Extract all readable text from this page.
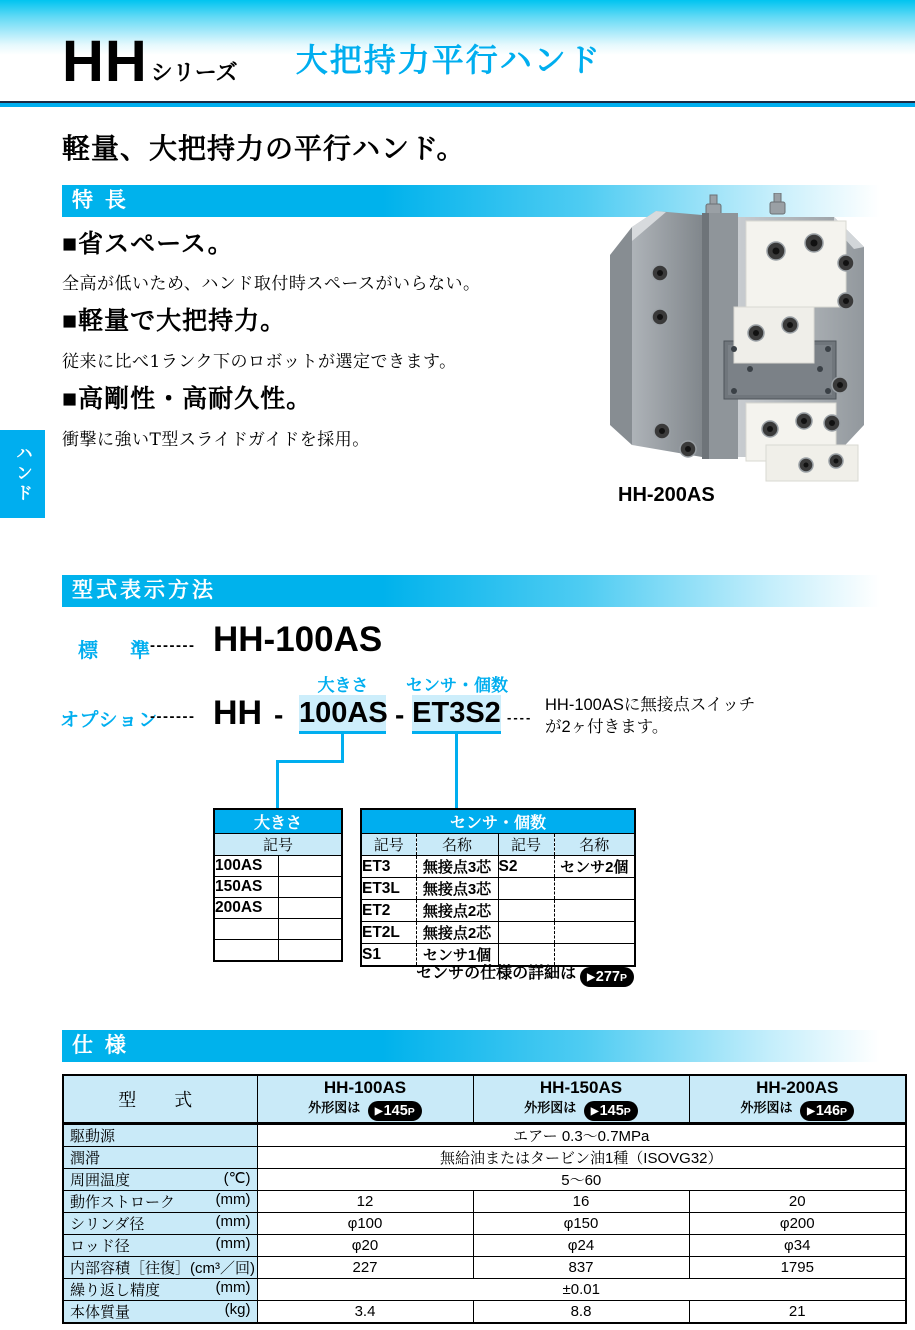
HH シリーズ 大把持力平行ハンド
軽量、大把持力の平行ハンド。
特 長
■省スペース。
全高が低いため、ハンド取付時スペースがいらない。
■軽量で大把持力。
従来に比べ1ランク下のロボットが選定できます。
■高剛性・高耐久性。
衝撃に強いT型スライドガイドを採用。
ハンド	HH-200AS
型式表示方法
標　準
------- HH-100AS
大きさ センサ・個数
オプション
------- HH - 100AS - ET3S2 ----
HH-100ASに無接点スイッチ
が2ヶ付きます。
大きさ	
記号	
100AS	
150AS	
200AS	

センサ・個数			
記号	名称	記号	名称
ET3	無接点3芯	S2	センサ2個
ET3L	無接点3芯		
ET2	無接点2芯		
ET2L	無接点2芯		
S1	センサ1個		
センサの仕様の詳細は ▶277P
仕 様
型　式	
HH-100AS
外形図は ▶145P

HH-150AS
外形図は ▶145P

HH-200AS
外形図は ▶146P

駆動源	エアー 0.3〜0.7MPa		

潤滑	無給油またはタービン油1種（ISOVG32）		

周囲温度 (℃)	5〜60		

動作ストローク (mm)	12	16	20

シリンダ径 (mm)	φ100	φ150	φ200

ロッド径 (mm)	φ20	φ24	φ34

内部容積［往復］ (cm³／回)	227	837	1795

繰り返し精度 (mm)	±0.01		

本体質量 (kg)	3.4	8.8	21
